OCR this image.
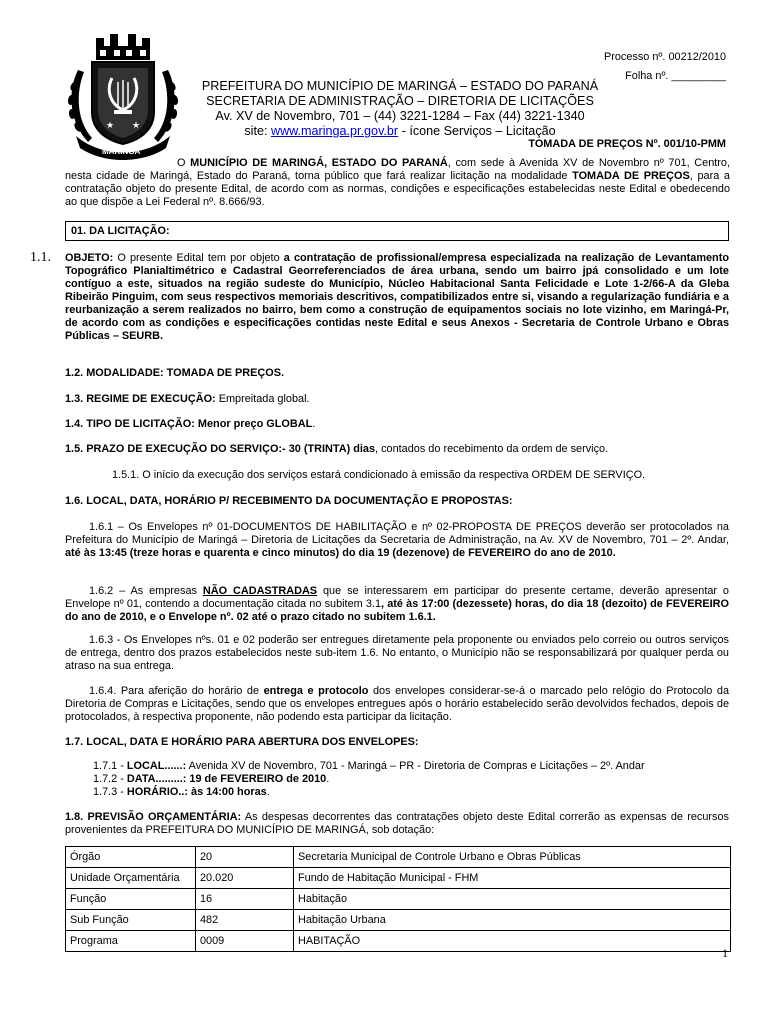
★ ★
MARINGÁ
Processo nº. 00212/2010
Folha nº. _________
PREFEITURA DO MUNICÍPIO DE MARINGÁ – ESTADO DO PARANÁ
SECRETARIA DE ADMINISTRAÇÃO – DIRETORIA DE LICITAÇÕES
Av. XV de Novembro, 701 – (44) 3221-1284 – Fax (44) 3221-1340
site: www.maringa.pr.gov.br - ícone Serviços – Licitação
TOMADA DE PREÇOS Nº. 001/10-PMM
O MUNICÍPIO DE MARINGÁ, ESTADO DO PARANÁ, com sede à Avenida XV de Novembro nº 701, Centro, nesta cidade de Maringá, Estado do Paraná, torna público que fará realizar licitação na modalidade TOMADA DE PREÇOS, para a contratação objeto do presente Edital, de acordo com as normas, condições e especificações estabelecidas neste Edital e obedecendo ao que dispõe a Lei Federal nº. 8.666/93.
01. DA LICITAÇÃO:
1.1. OBJETO: O presente Edital tem por objeto a contratação de profissional/empresa especializada na realização de Levantamento Topográfico Planialtimétrico e Cadastral Georreferenciados de área urbana, sendo um bairro jpá consolidado e um lote contíguo a este, situados na região sudeste do Município, Núcleo Habitacional Santa Felicidade e Lote 1-2/66-A da Gleba Ribeirão Pinguim, com seus respectivos memoriais descritivos, compatibilizados entre si, visando a regularização fundiária e a reurbanização a serem realizados no bairro, bem como a construção de equipamentos sociais no lote vizinho, em Maringá-Pr, de acordo com as condições e especificações contidas neste Edital e seus Anexos - Secretaria de Controle Urbano e Obras Públicas – SEURB.
1.2. MODALIDADE: TOMADA DE PREÇOS.
1.3. REGIME DE EXECUÇÃO: Empreitada global.
1.4. TIPO DE LICITAÇÃO: Menor preço GLOBAL.
1.5. PRAZO DE EXECUÇÃO DO SERVIÇO:- 30 (TRINTA) dias, contados do recebimento da ordem de serviço.
1.5.1. O início da execução dos serviços estará condicionado à emissão da respectiva ORDEM DE SERVIÇO.
1.6. LOCAL, DATA, HORÁRIO P/ RECEBIMENTO DA DOCUMENTAÇÃO E PROPOSTAS:
1.6.1 – Os Envelopes nº 01-DOCUMENTOS DE HABILITAÇÃO e nº 02-PROPOSTA DE PREÇOS deverão ser protocolados na Prefeitura do Município de Maringá – Diretoria de Licitações da Secretaria de Administração, na Av. XV de Novembro, 701 – 2º. Andar, até às 13:45 (treze horas e quarenta e cinco minutos) do dia 19 (dezenove) de FEVEREIRO do ano de 2010.
1.6.2 – As empresas NÃO CADASTRADAS que se interessarem em participar do presente certame, deverão apresentar o Envelope nº 01, contendo a documentação citada no subitem 3.1, até às 17:00 (dezessete) horas, do dia 18 (dezoito) de FEVEREIRO do ano de 2010, e o Envelope nº. 02 até o prazo citado no subitem 1.6.1.
1.6.3 - Os Envelopes nºs. 01 e 02 poderão ser entregues diretamente pela proponente ou enviados pelo correio ou outros serviços de entrega, dentro dos prazos estabelecidos neste sub-item 1.6. No entanto, o Município não se responsabilizará por qualquer perda ou atraso na sua entrega.
1.6.4. Para aferição do horário de entrega e protocolo dos envelopes considerar-se-á o marcado pelo relógio do Protocolo da Diretoria de Compras e Licitações, sendo que os envelopes entregues após o horário estabelecido serão devolvidos fechados, depois de protocolados, à respectiva proponente, não podendo esta participar da licitação.
1.7. LOCAL, DATA E HORÁRIO PARA ABERTURA DOS ENVELOPES:
1.7.1 - LOCAL......: Avenida XV de Novembro, 701 - Maringá – PR - Diretoria de Compras e Licitações – 2º. Andar
1.7.2 - DATA.........: 19 de FEVEREIRO de 2010.
1.7.3 - HORÁRIO..: às 14:00 horas.
1.8. PREVISÃO ORÇAMENTÁRIA: As despesas decorrentes das contratações objeto deste Edital correrão as expensas de recursos provenientes da PREFEITURA DO MUNICÍPIO DE MARINGÁ, sob dotação:
Órgão	20	Secretaria Municipal de Controle Urbano e Obras Públicas
Unidade Orçamentária	20.020	Fundo de Habitação Municipal - FHM
Função	16	Habitação
Sub Função	482	Habitação Urbana
Programa	0009	HABITAÇÃO
1
